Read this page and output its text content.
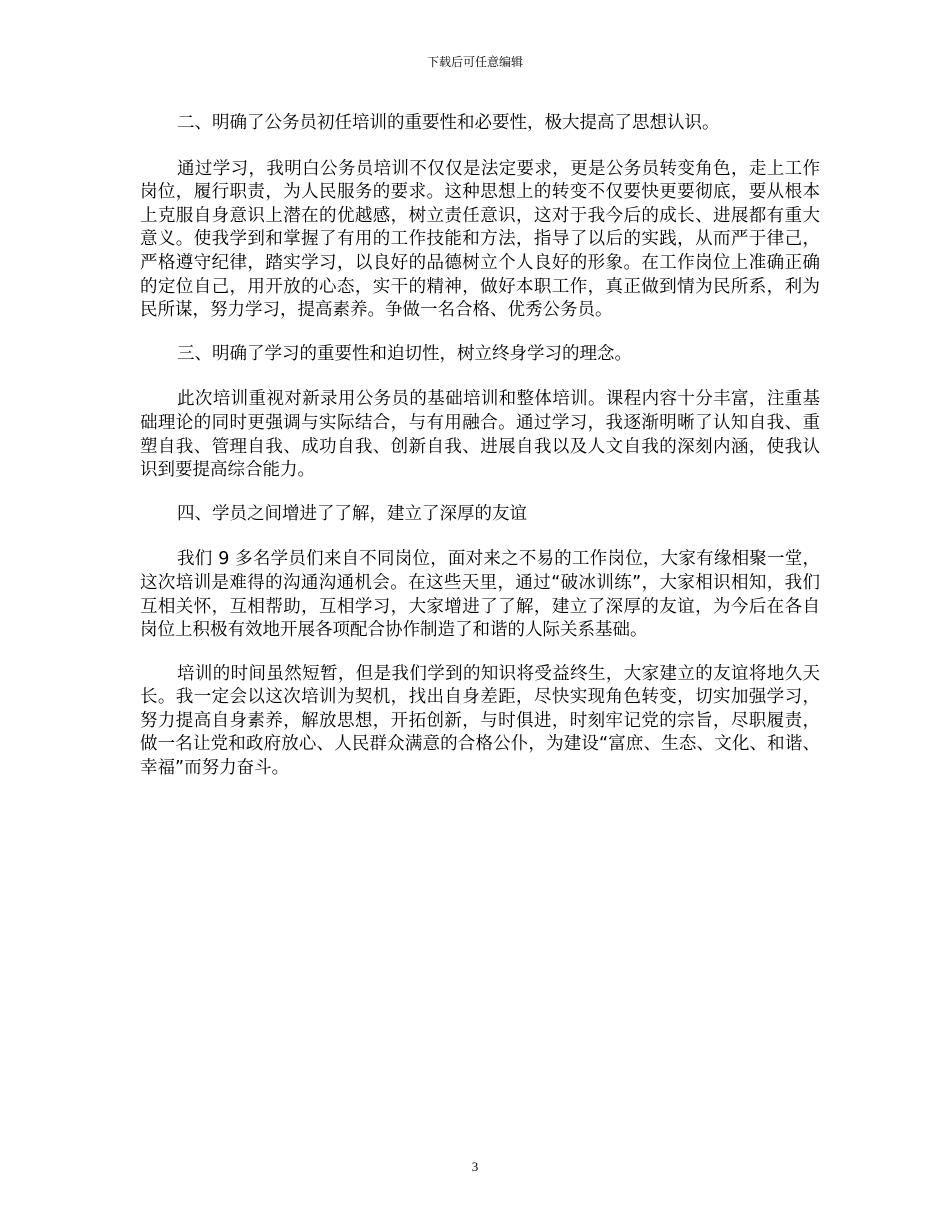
下载后可任意编辑

二、明确了公务员初任培训的重要性和必要性，极大提高了思想认识。

通过学习，我明白公务员培训不仅仅是法定要求，更是公务员转变角色，走上工作岗位，履行职责，为人民服务的要求。这种思想上的转变不仅要快更要彻底，要从根本上克服自身意识上潜在的优越感，树立责任意识，这对于我今后的成长、进展都有重大意义。使我学到和掌握了有用的工作技能和方法，指导了以后的实践，从而严于律己，严格遵守纪律，踏实学习，以良好的品德树立个人良好的形象。在工作岗位上准确正确的定位自己，用开放的心态，实干的精神，做好本职工作，真正做到情为民所系，利为民所谋，努力学习，提高素养。争做一名合格、优秀公务员。

三、明确了学习的重要性和迫切性，树立终身学习的理念。

此次培训重视对新录用公务员的基础培训和整体培训。课程内容十分丰富，注重基础理论的同时更强调与实际结合，与有用融合。通过学习，我逐渐明晰了认知自我、重塑自我、管理自我、成功自我、创新自我、进展自我以及人文自我的深刻内涵，使我认识到要提高综合能力。

四、学员之间增进了了解，建立了深厚的友谊

我们 9 多名学员们来自不同岗位，面对来之不易的工作岗位，大家有缘相聚一堂，这次培训是难得的沟通沟通机会。在这些天里，通过“破冰训练”，大家相识相知，我们互相关怀，互相帮助，互相学习，大家增进了了解，建立了深厚的友谊，为今后在各自岗位上积极有效地开展各项配合协作制造了和谐的人际关系基础。

培训的时间虽然短暂，但是我们学到的知识将受益终生，大家建立的友谊将地久天长。我一定会以这次培训为契机，找出自身差距，尽快实现角色转变，切实加强学习，努力提高自身素养，解放思想，开拓创新，与时俱进，时刻牢记党的宗旨，尽职履责，做一名让党和政府放心、人民群众满意的合格公仆，为建设“富庶、生态、文化、和谐、幸福”而努力奋斗。

3
